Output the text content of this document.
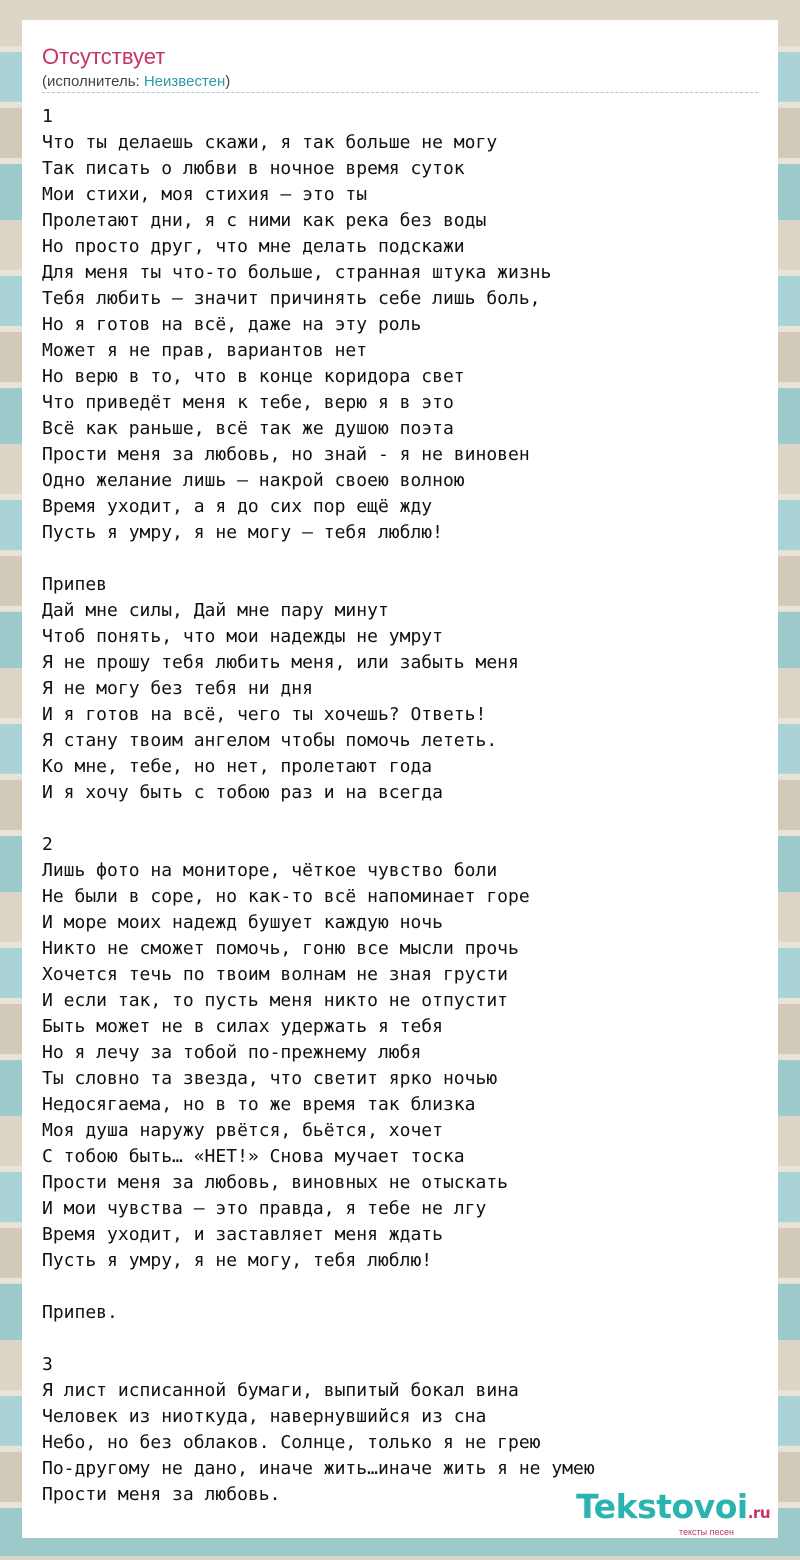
Отсутствует
(исполнитель: Неизвестен)
1
Что ты делаешь скажи, я так больше не могу
Так писать о любви в ночное время суток
Мои стихи, моя стихия – это ты
Пролетают дни, я с ними как река без воды
Но просто друг, что мне делать подскажи
Для меня ты что-то больше, странная штука жизнь
Тебя любить – значит причинять себе лишь боль,
Но я готов на всё, даже на эту роль
Может я не прав, вариантов нет
Но верю в то, что в конце коридора свет
Что приведёт меня к тебе, верю я в это
Всё как раньше, всё так же душою поэта
Прости меня за любовь, но знай - я не виновен
Одно желание лишь – накрой своею волною
Время уходит, а я до сих пор ещё жду
Пусть я умру, я не могу – тебя люблю!

Припев
Дай мне силы, Дай мне пару минут
Чтоб понять, что мои надежды не умрут
Я не прошу тебя любить меня, или забыть меня
Я не могу без тебя ни дня
И я готов на всё, чего ты хочешь? Ответь!
Я стану твоим ангелом чтобы помочь лететь.
Ко мне, тебе, но нет, пролетают года
И я хочу быть с тобою раз и на всегда

2
Лишь фото на мониторе, чёткое чувство боли
Не были в соре, но как-то всё напоминает горе
И море моих надежд бушует каждую ночь
Никто не сможет помочь, гоню все мысли прочь
Хочется течь по твоим волнам не зная грусти
И если так, то пусть меня никто не отпустит
Быть может не в силах удержать я тебя
Но я лечу за тобой по-прежнему любя
Ты словно та звезда, что светит ярко ночью
Недосягаема, но в то же время так близка
Моя душа наружу рвётся, бьётся, хочет
С тобою быть… «НЕТ!» Снова мучает тоска
Прости меня за любовь, виновных не отыскать
И мои чувства – это правда, я тебе не лгу
Время уходит, и заставляет меня ждать
Пусть я умру, я не могу, тебя люблю!

Припев.

3
Я лист исписанной бумаги, выпитый бокал вина
Человек из ниоткуда, навернувшийся из сна
Небо, но без облаков. Солнце, только я не грею
По-другому не дано, иначе жить…иначе жить я не умею
Прости меня за любовь.	Tekstovoi.ru
тексты песен
